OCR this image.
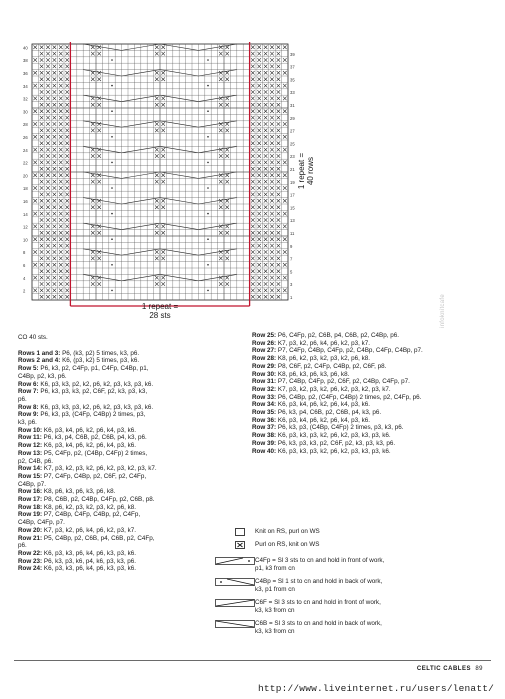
40
38
36
34
32
30
28
26
24
22
20
18
16
14
12
10
8
6
4
2
39
37
35
33
31
29
27
25
23
21
19
17
15
13
11
9
7
5
3
1
1 repeat =
28 sts
1 repeat = 40 rows
infoknitcafe
CO 40 sts.
Rows 1 and 3: P6, (k3, p2) 5 times, k3, p6.
Rows 2 and 4: K6, (p3, k2) 5 times, p3, k6.
Row 5: P6, k3, p2, C4Fp, p1, C4Fp, C4Bp, p1,
C4Bp, p2, k3, p6.
Row 6: K6, p3, k3, p2, k2, p6, k2, p3, k3, p3, k6.
Row 7: P6, k3, p3, k3, p2, C6F, p2, k3, p3, k3,
p6.
Row 8: K6, p3, k3, p3, k2, p6, k2, p3, k3, p3, k6.
Row 9: P6, k3, p3, (C4Fp, C4Bp) 2 times, p3,
k3, p6.
Row 10: K6, p3, k4, p6, k2, p6, k4, p3, k6.
Row 11: P6, k3, p4, C6B, p2, C6B, p4, k3, p6.
Row 12: K6, p3, k4, p6, k2, p6, k4, p3, k6.
Row 13: P5, C4Fp, p2, (C4Bp, C4Fp) 2 times,
p2, C4B, p6.
Row 14: K7, p3, k2, p3, k2, p6, k2, p3, k2, p3, k7.
Row 15: P7, C4Fp, C4Bp, p2, C6F, p2, C4Fp,
C4Bp, p7.
Row 16: K8, p6, k3, p6, k3, p6, k8.
Row 17: P8, C6B, p2, C4Bp, C4Fp, p2, C6B, p8.
Row 18: K8, p6, k2, p3, k2, p3, k2, p6, k8.
Row 19: P7, C4Bp, C4Fp, C4Bp, p2, C4Fp,
C4Bp, C4Fp, p7.
Row 20: K7, p3, k2, p6, k4, p6, k2, p3, k7.
Row 21: P5, C4Bp, p2, C6B, p4, C6B, p2, C4Fp,
p6.
Row 22: K6, p3, k3, p6, k4, p6, k3, p3, k6.
Row 23: P6, k3, p3, k6, p4, k6, p3, k3, p6.
Row 24: K6, p3, k3, p6, k4, p6, k3, p3, k6.
Row 25: P6, C4Fp, p2, C6B, p4, C6B, p2, C4Bp, p6.
Row 26: K7, p3, k2, p6, k4, p6, k2, p3, k7.
Row 27: P7, C4Fp, C4Bp, C4Fp, p2, C4Bp, C4Fp, C4Bp, p7.
Row 28: K8, p6, k2, p3, k2, p3, k2, p6, k8.
Row 29: P8, C6F, p2, C4Fp, C4Bp, p2, C6F, p8.
Row 30: K8, p6, k3, p6, k3, p6, k8.
Row 31: P7, C4Bp, C4Fp, p2, C6F, p2, C4Bp, C4Fp, p7.
Row 32: K7, p3, k2, p3, k2, p6, k2, p3, k2, p3, k7.
Row 33: P6, C4Bp, p2, (C4Fp, C4Bp) 2 times, p2, C4Fp, p6.
Row 34: K6, p3, k4, p6, k2, p6, k4, p3, k6.
Row 35: P6, k3, p4, C6B, p2, C6B, p4, k3, p6.
Row 36: K6, p3, k4, p6, k2, p6, k4, p3, k6.
Row 37: P6, k3, p3, (C4Bp, C4Fp) 2 times, p3, k3, p6.
Row 38: K6, p3, k3, p3, k2, p6, k2, p3, k3, p3, k6.
Row 39: P6, k3, p3, k3, p2, C6F, p2, k3, p3, k3, p6.
Row 40: K6, p3, k3, p3, k2, p6, k2, p3, k3, p3, k6.
Knit on RS, purl on WS
Purl on RS, knit on WS
C4Fp = Sl 3 sts to cn and hold in front of work,
p1, k3 from cn
C4Bp = Sl 1 st to cn and hold in back of work,
k3, p1 from cn
C6F = Sl 3 sts to cn and hold in front of work,
k3, k3 from cn
C6B = Sl 3 sts to cn and hold in back of work,
k3, k3 from cn
CELTIC CABLES 89
http://www.liveinternet.ru/users/lenatt/
